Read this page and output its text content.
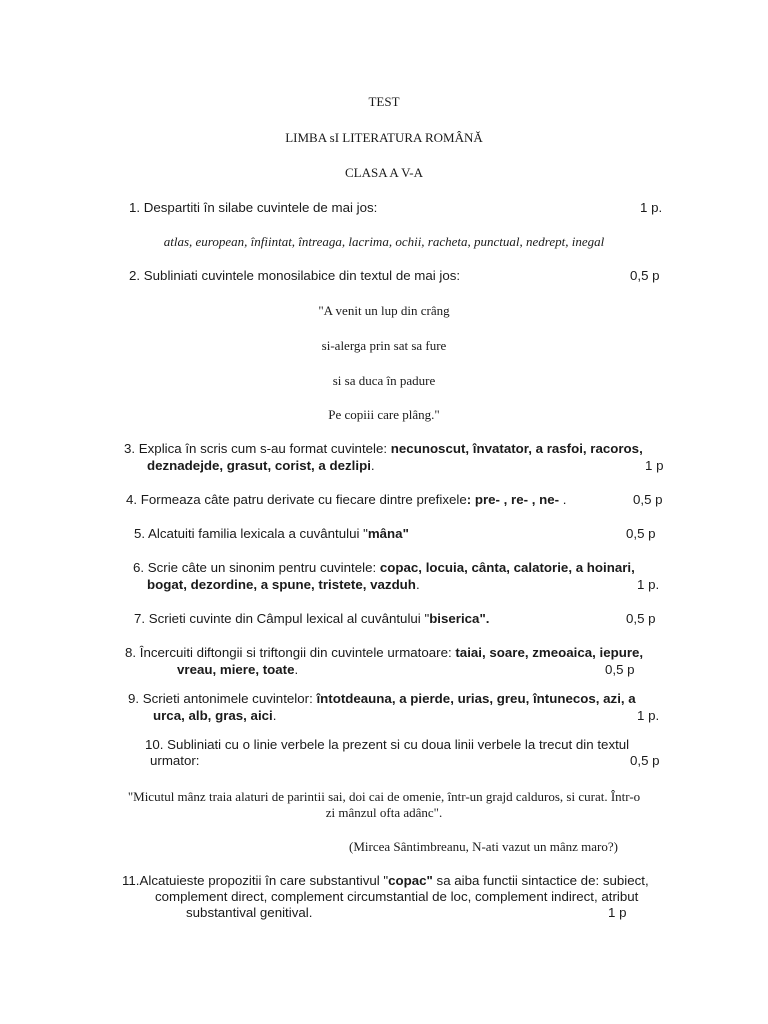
TEST
LIMBA sI LITERATURA ROMÂNĂ
CLASA A V-A
1. Despartiti în silabe cuvintele de mai jos:	1 p.
atlas, european, înfiintat, întreaga, lacrima, ochii, racheta, punctual, nedrept, inegal
2. Subliniati cuvintele monosilabice din textul de mai jos:	0,5 p
"A venit un lup din crâng
si-alerga prin sat sa fure
si sa duca în padure
Pe copiii care plâng."
3. Explica în scris cum s-au format cuvintele: necunoscut, învatator, a rasfoi, racoros,
deznadejde, grasut, corist, a dezlipi.	1 p
4. Formeaza câte patru derivate cu fiecare dintre prefixele: pre- , re- , ne- .	0,5 p
5. Alcatuiti familia lexicala a cuvântului "mâna"	0,5 p
6. Scrie câte un sinonim pentru cuvintele: copac, locuia, cânta, calatorie, a hoinari,
bogat, dezordine, a spune, tristete, vazduh.	1 p.
7. Scrieti cuvinte din Câmpul lexical al cuvântului "biserica".	0,5 p
8. Încercuiti diftongii si triftongii din cuvintele urmatoare: taiai, soare, zmeoaica, iepure,
vreau, miere, toate.	0,5 p
9. Scrieti antonimele cuvintelor: întotdeauna, a pierde, urias, greu, întunecos, azi, a
urca, alb, gras, aici.	1 p.
10. Subliniati cu o linie verbele la prezent si cu doua linii verbele la trecut din textul
urmator:	0,5 p
"Micutul mânz traia alaturi de parintii sai, doi cai de omenie, într-un grajd calduros, si curat. Într-o
zi mânzul ofta adânc".
(Mircea Sântimbreanu, N-ati vazut un mânz maro?)
11.Alcatuieste propozitii în care substantivul "copac" sa aiba functii sintactice de: subiect,
complement direct, complement circumstantial de loc, complement indirect, atribut
substantival genitival.	1 p
